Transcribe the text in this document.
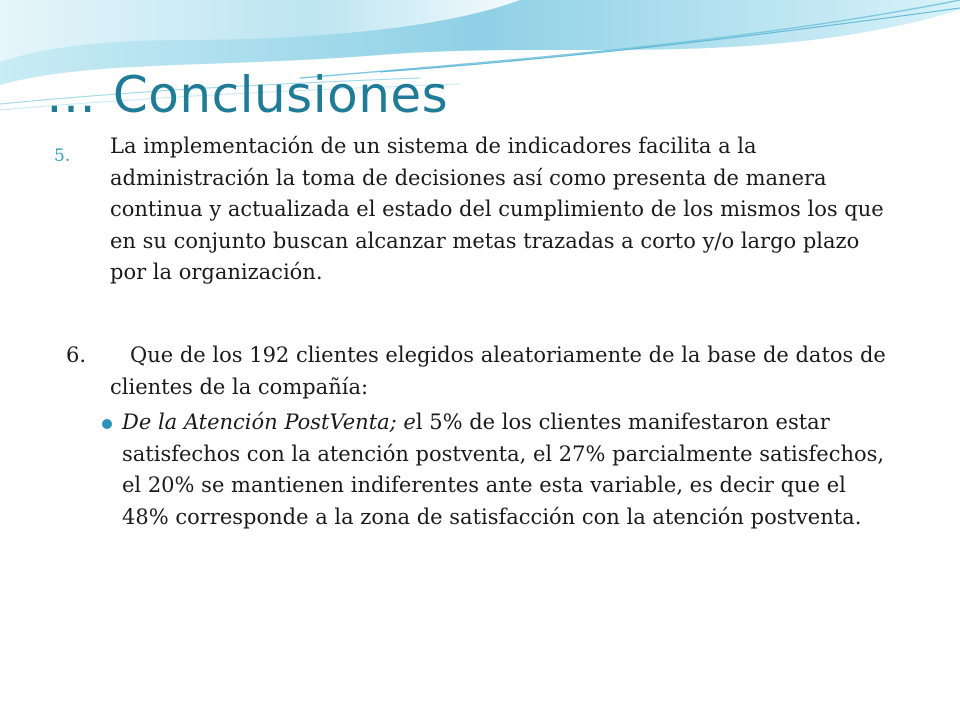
… Conclusiones
5. La implementación de un sistema de indicadores facilita a la administración la toma de decisiones así como presenta de manera continua y actualizada el estado del cumplimiento de los mismos los que en su conjunto buscan alcanzar metas trazadas a corto y/o largo plazo por la organización.
6.	Que de los 192 clientes elegidos aleatoriamente de la base de datos de clientes de la compañía:
De la Atención PostVenta; el 5% de los clientes manifestaron estar satisfechos con la atención postventa, el 27% parcialmente satisfechos, el 20% se mantienen indiferentes ante esta variable, es decir que el 48% corresponde a la zona de satisfacción con la atención postventa.
